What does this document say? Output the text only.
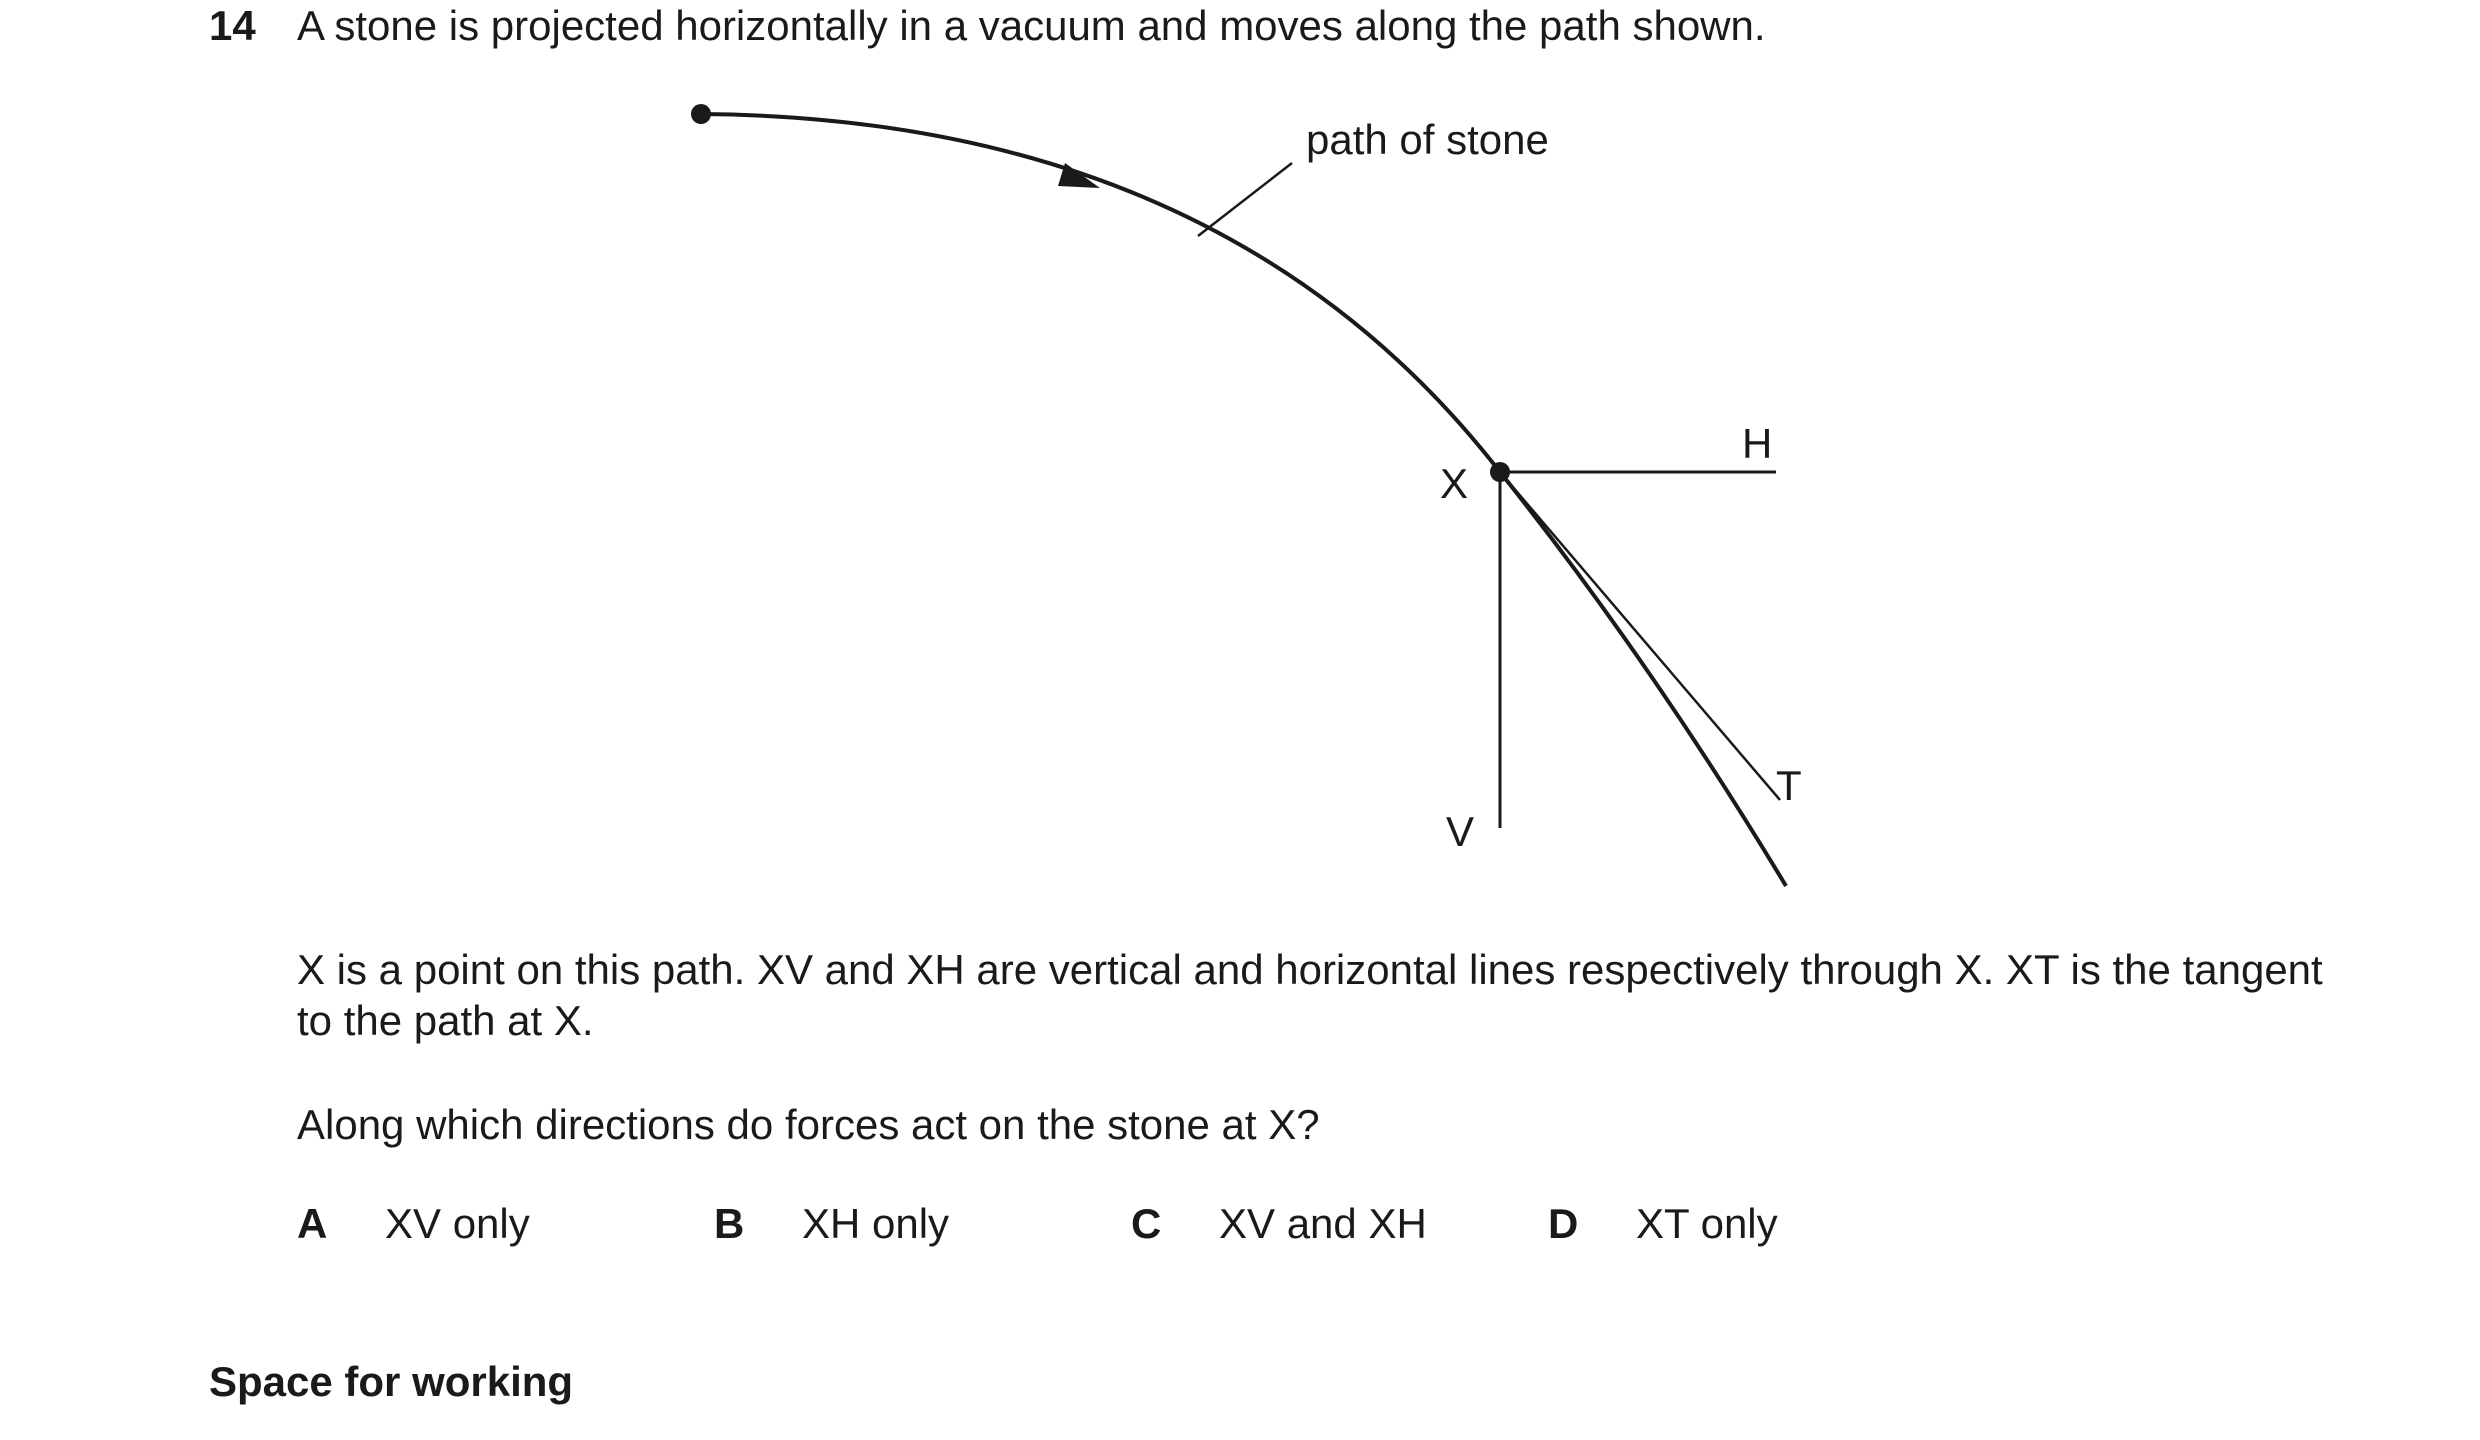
14 A stone is projected horizontally in a vacuum and moves along the path shown.
path of stone
X
H
V
T
X is a point on this path. XV and XH are vertical and horizontal lines respectively through X. XT is the tangent to the path at X.
Along which directions do forces act on the stone at X?
A XV only	B XH only	C XV and XH	D XT only
Space for working
